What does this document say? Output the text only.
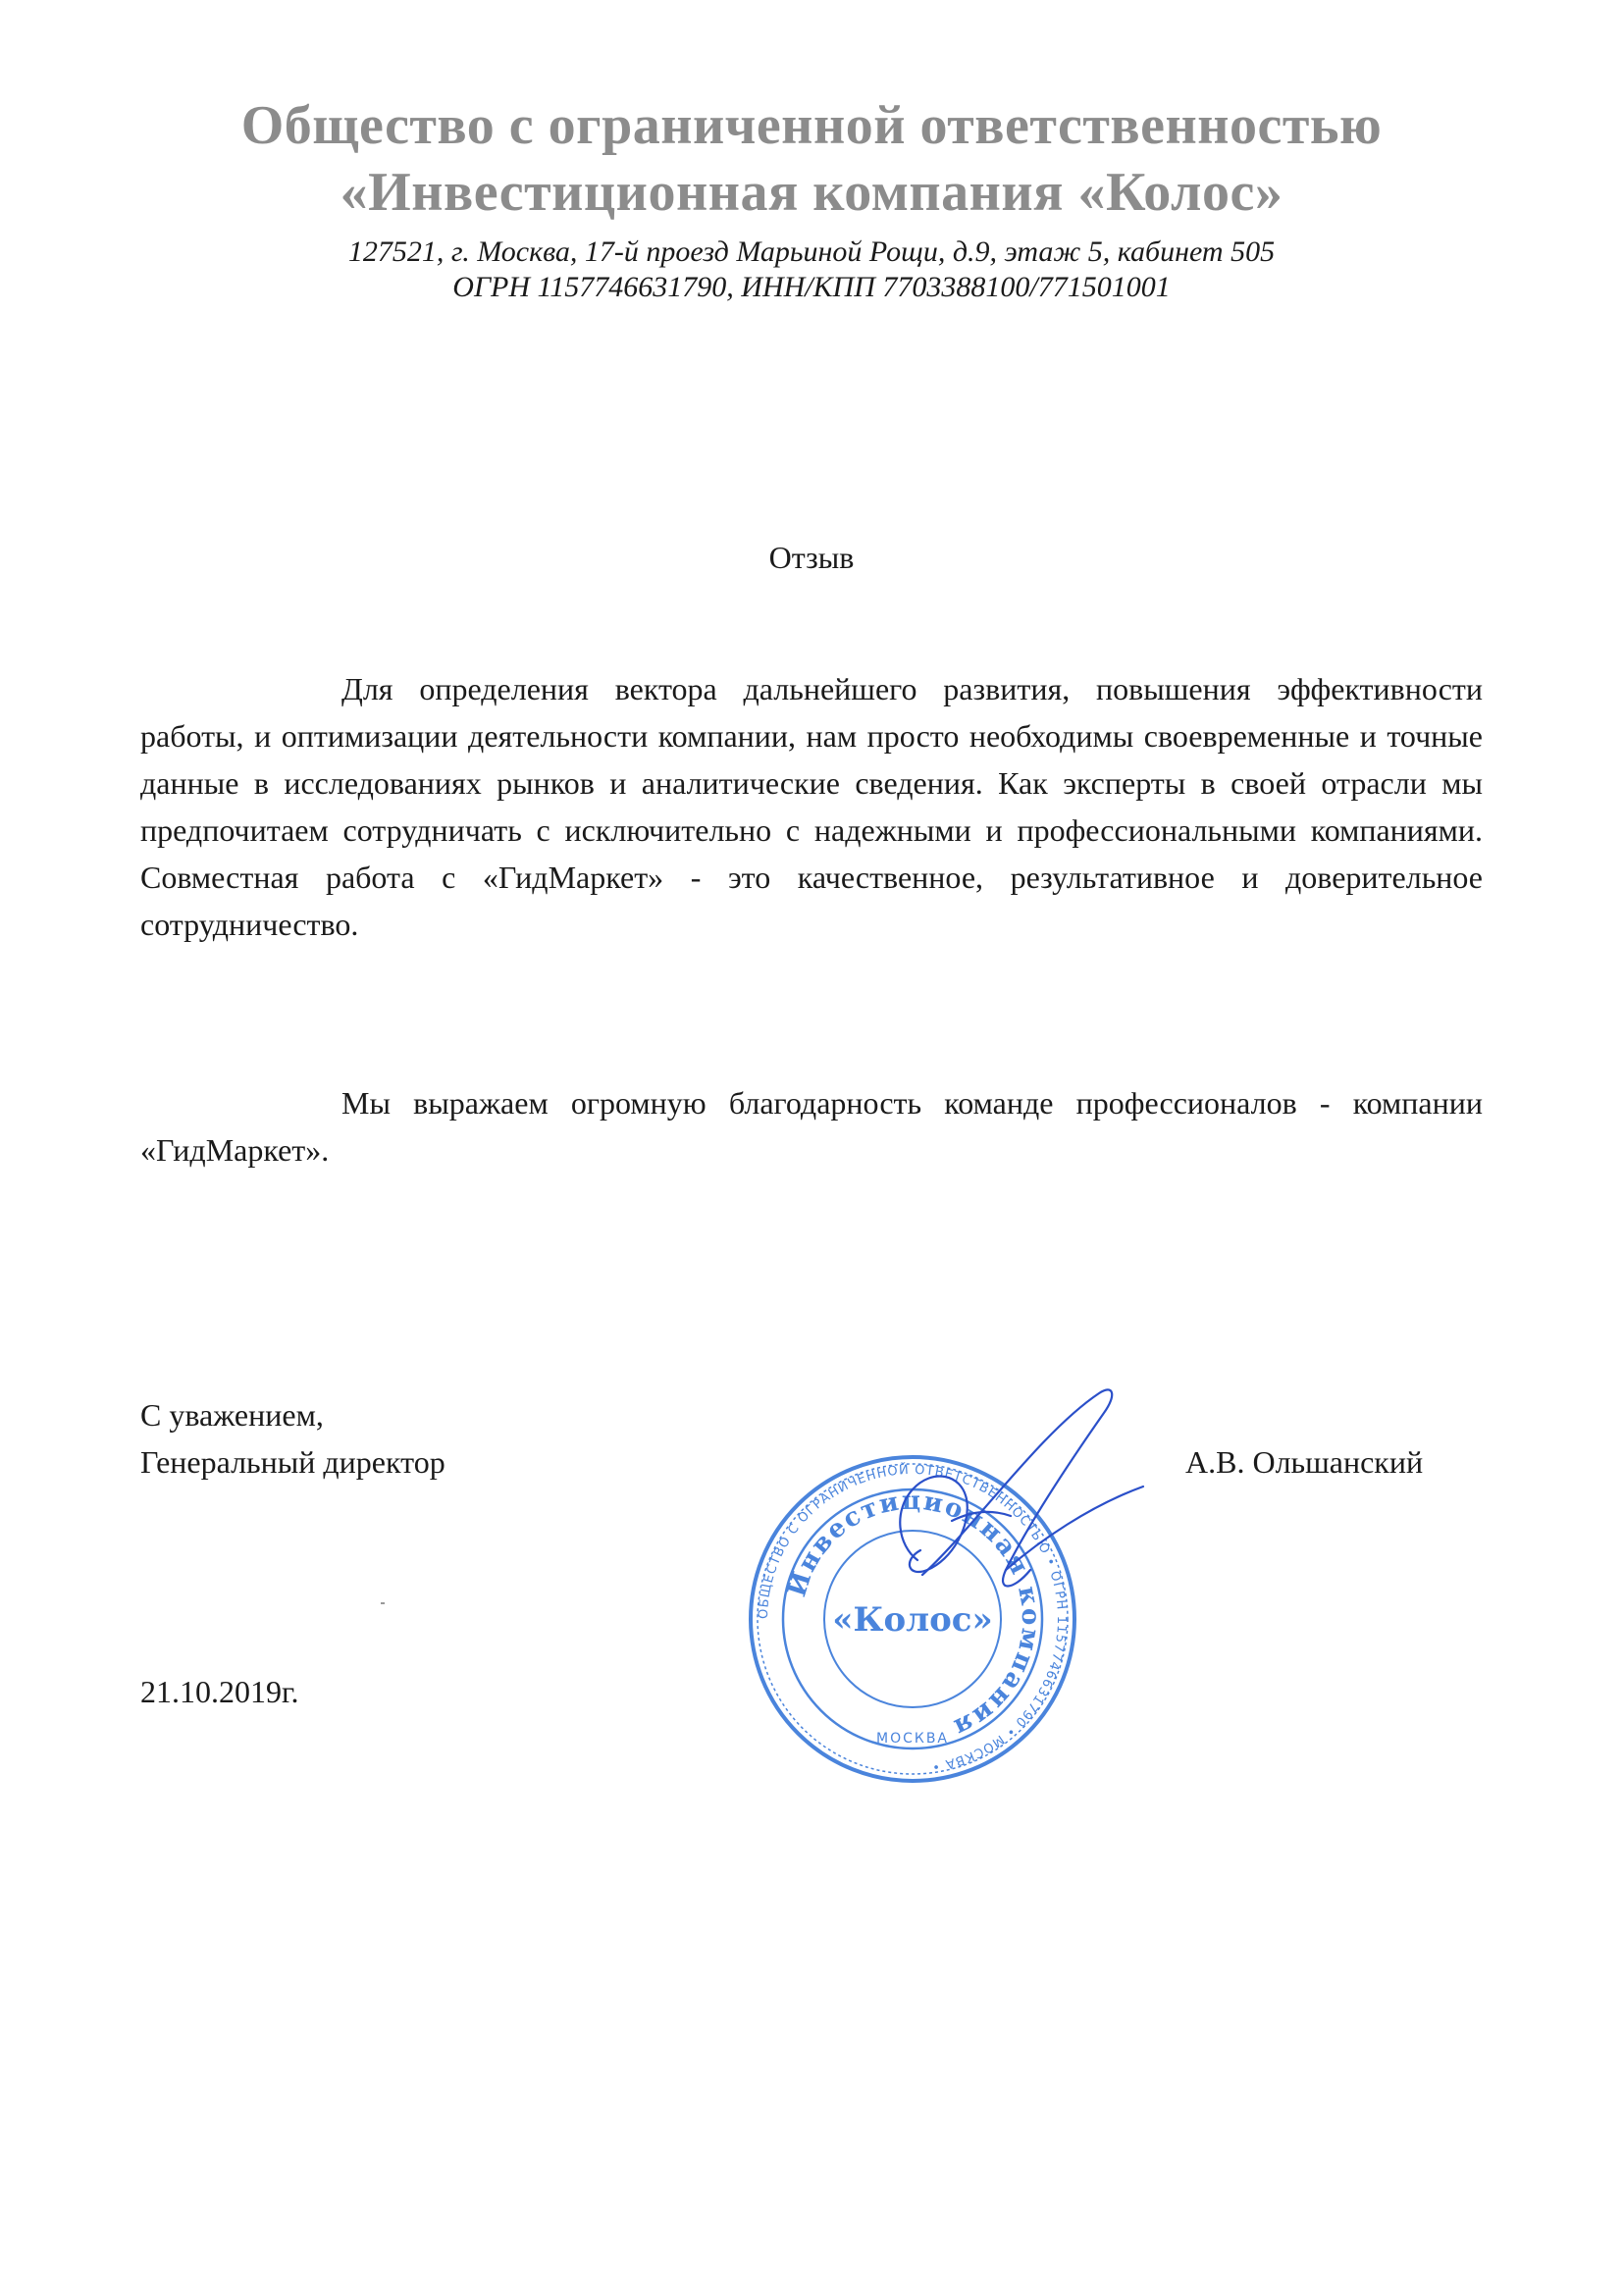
Общество с ограниченной ответственностью

«Инвестиционная компания «Колос»

127521, г. Москва, 17-й проезд Марьиной Рощи, д.9, этаж 5, кабинет 505

ОГРН 1157746631790, ИНН/КПП 7703388100/771501001

Отзыв

Для определения вектора дальнейшего развития, повышения эффективности работы, и оптимизации деятельности компании, нам просто необходимы своевременные и точные данные в исследованиях рынков и аналитические сведения. Как эксперты в своей отрасли мы предпочитаем сотрудничать с исключительно с надежными и профессиональными компаниями. Совместная работа с «ГидМаркет» - это качественное, результативное и доверительное сотрудничество.

Мы выражаем огромную благодарность команде профессионалов - компании «ГидМаркет».

С уважением,
Генеральный директор	А.В. Ольшанский

21.10.2019г.

ОБЩЕСТВО С ОГРАНИЧЕННОЙ ОТВЕТСТВЕННОСТЬЮ • ОГРН 1157746631790 • МОСКВА •
Инвестиционная компания
«Колос»
МОСКВА
